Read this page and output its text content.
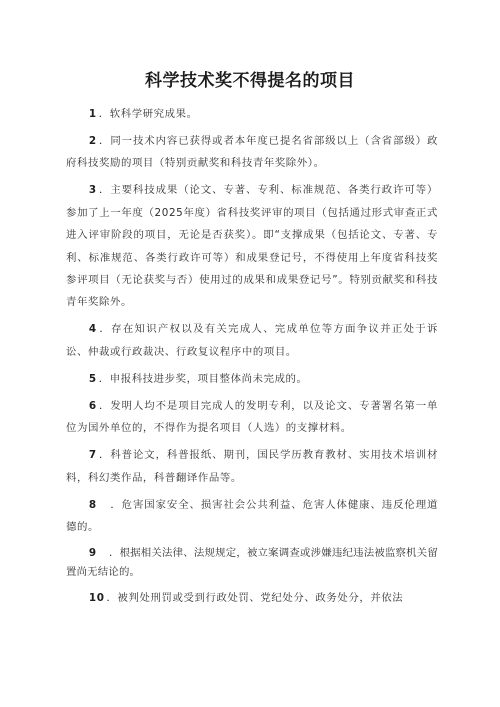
科学技术奖不得提名的项目

1 ．软科学研究成果。

2 ．同一技术内容已获得或者本年度已提名省部级以上（含省部级）政府科技奖励的项目（特别贡献奖和科技青年奖除外）。

3 ．主要科技成果（论文、专著、专利、标准规范、各类行政许可等）参加了上一年度（2025年度）省科技奖评审的项目（包括通过形式审查正式进入评审阶段的项目，无论是否获奖）。即“支撑成果（包括论文、专著、专利、标准规范、各类行政许可等）和成果登记号，不得使用上年度省科技奖参评项目（无论获奖与否）使用过的成果和成果登记号”。特别贡献奖和科技青年奖除外。

4 ．存在知识产权以及有关完成人、完成单位等方面争议并正处于诉讼、仲裁或行政裁决、行政复议程序中的项目。

5 ．申报科技进步奖，项目整体尚未完成的。

6 ．发明人均不是项目完成人的发明专利，以及论文、专著署名第一单位为国外单位的，不得作为提名项目（人选）的支撑材料。

7 ．科普论文，科普报纸、期刊，国民学历教育教材、实用技术培训材料，科幻类作品，科普翻译作品等。

8　．危害国家安全、损害社会公共利益、危害人体健康、违反伦理道德的。

9　．根据相关法律、法规规定，被立案调查或涉嫌违纪违法被监察机关留置尚无结论的。

10 ．被判处刑罚或受到行政处罚、党纪处分、政务处分，并依法
